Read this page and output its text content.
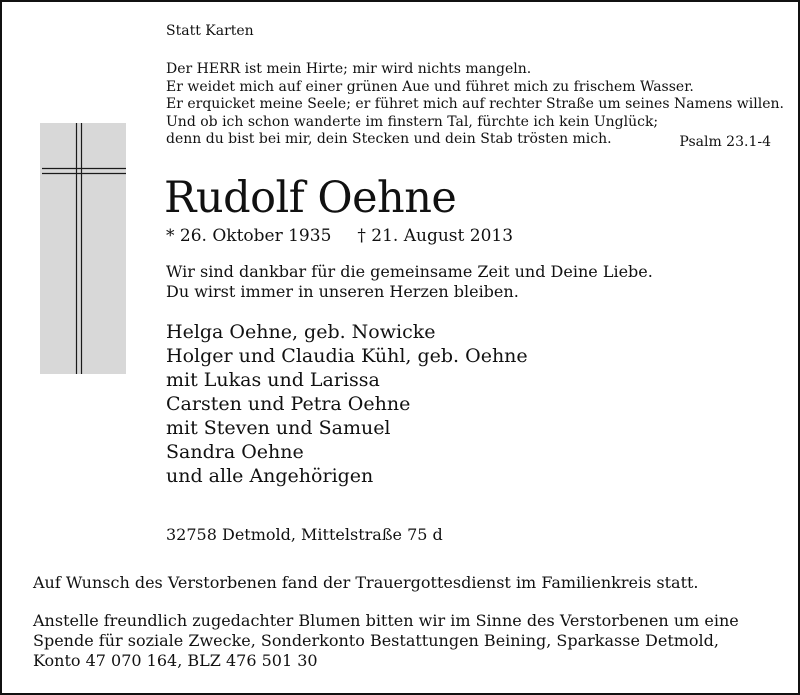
Statt Karten
Der HERR ist mein Hirte; mir wird nichts mangeln.
Er weidet mich auf einer grünen Aue und führet mich zu frischem Wasser.
Er erquicket meine Seele; er führet mich auf rechter Straße um seines Namens willen.
Und ob ich schon wanderte im finstern Tal, fürchte ich kein Unglück;
denn du bist bei mir, dein Stecken und dein Stab trösten mich.	Psalm 23.1-4
Rudolf Oehne
* 26. Oktober 1935 † 21. August 2013
Wir sind dankbar für die gemeinsame Zeit und Deine Liebe.
Du wirst immer in unseren Herzen bleiben.
Helga Oehne, geb. Nowicke
Holger und Claudia Kühl, geb. Oehne
mit Lukas und Larissa
Carsten und Petra Oehne
mit Steven und Samuel
Sandra Oehne
und alle Angehörigen
32758 Detmold, Mittelstraße 75 d
Auf Wunsch des Verstorbenen fand der Trauergottesdienst im Familienkreis statt.
Anstelle freundlich zugedachter Blumen bitten wir im Sinne des Verstorbenen um eine
Spende für soziale Zwecke, Sonderkonto Bestattungen Beining, Sparkasse Detmold,
Konto 47 070 164, BLZ 476 501 30
